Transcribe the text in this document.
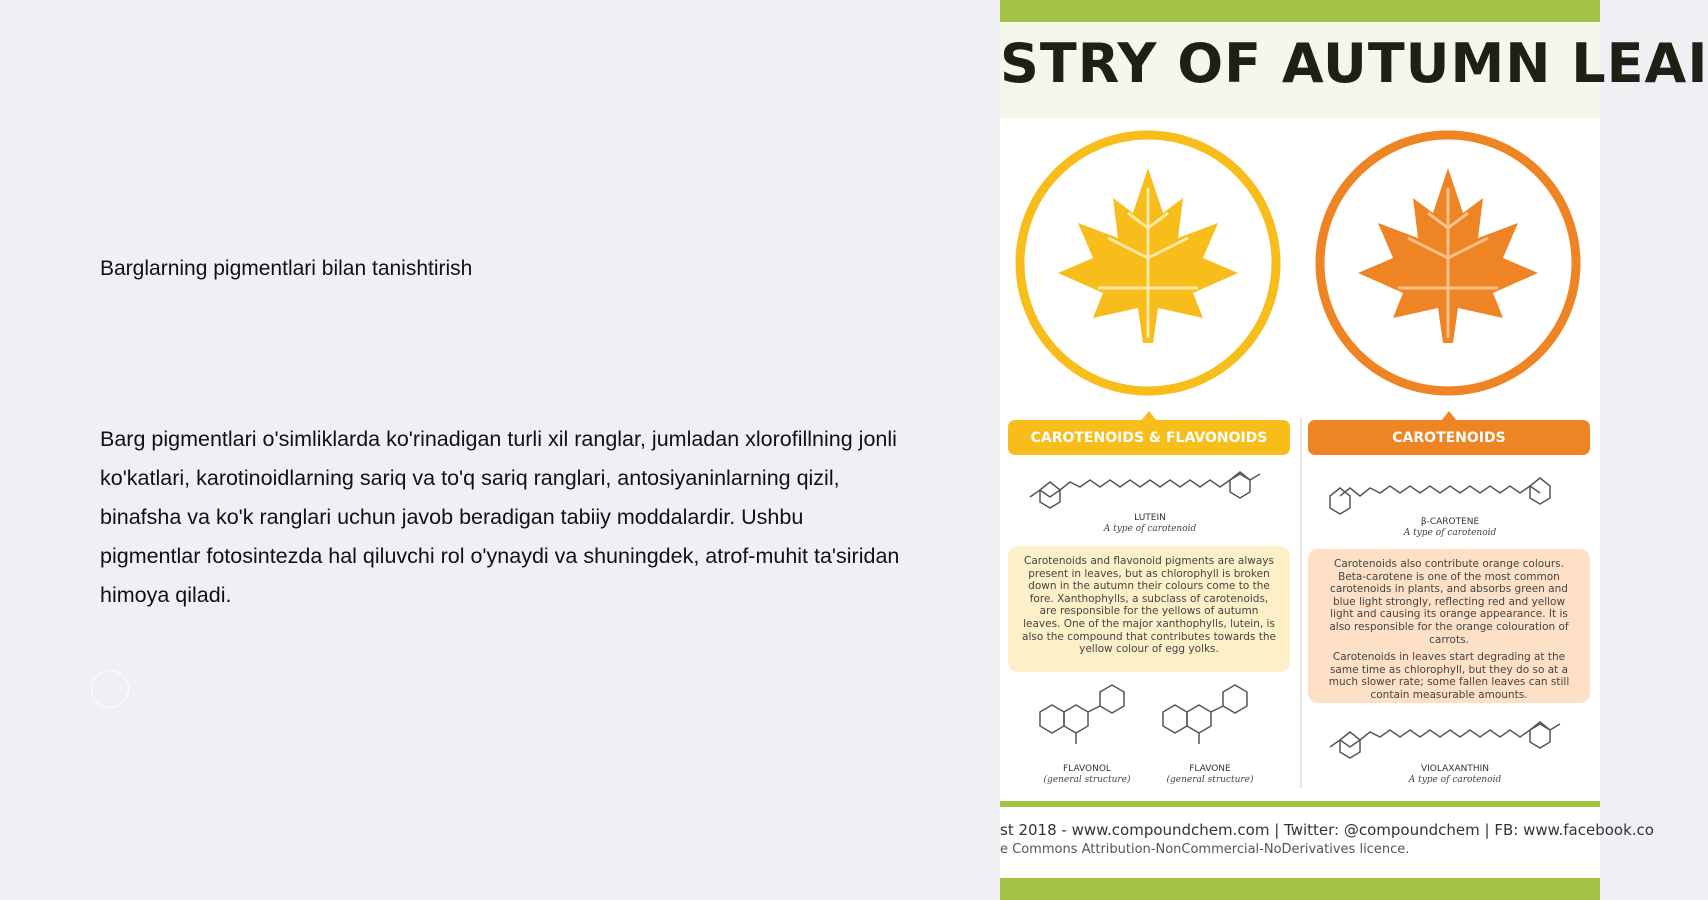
Barglarning pigmentlari bilan tanishtirish
Barg pigmentlari o'simliklarda ko'rinadigan turli xil ranglar, jumladan xlorofillning jonli ko'katlari, karotinoidlarning sariq va to'q sariq ranglari, antosiyaninlarning qizil, binafsha va ko'k ranglari uchun javob beradigan tabiiy moddalardir. Ushbu pigmentlar fotosintezda hal qiluvchi rol o'ynaydi va shuningdek, atrof-muhit ta'siridan himoya qiladi.
STRY OF AUTUMN LEAI
CAROTENOIDS & FLAVONOIDS	CAROTENOIDS
LUTEIN
A type of carotenoid
β-CAROTENE
A type of carotenoid
Carotenoids and flavonoid pigments are always present in leaves, but as chlorophyll is broken down in the autumn their colours come to the fore. Xanthophylls, a subclass of carotenoids, are responsible for the yellows of autumn leaves. One of the major xanthophylls, lutein, is also the compound that contributes towards the yellow colour of egg yolks.

Carotenoids also contribute orange colours. Beta-carotene is one of the most common carotenoids in plants, and absorbs green and blue light strongly, reflecting red and yellow light and causing its orange appearance. It is also responsible for the orange colouration of carrots.

Carotenoids in leaves start degrading at the same time as chlorophyll, but they do so at a much slower rate; some fallen leaves can still contain measurable amounts.

FLAVONOL
(general structure)
FLAVONE
(general structure)
VIOLAXANTHIN
A type of carotenoid
st 2018 - www.compoundchem.com | Twitter: @compoundchem | FB: www.facebook.co
e Commons Attribution-NonCommercial-NoDerivatives licence.
